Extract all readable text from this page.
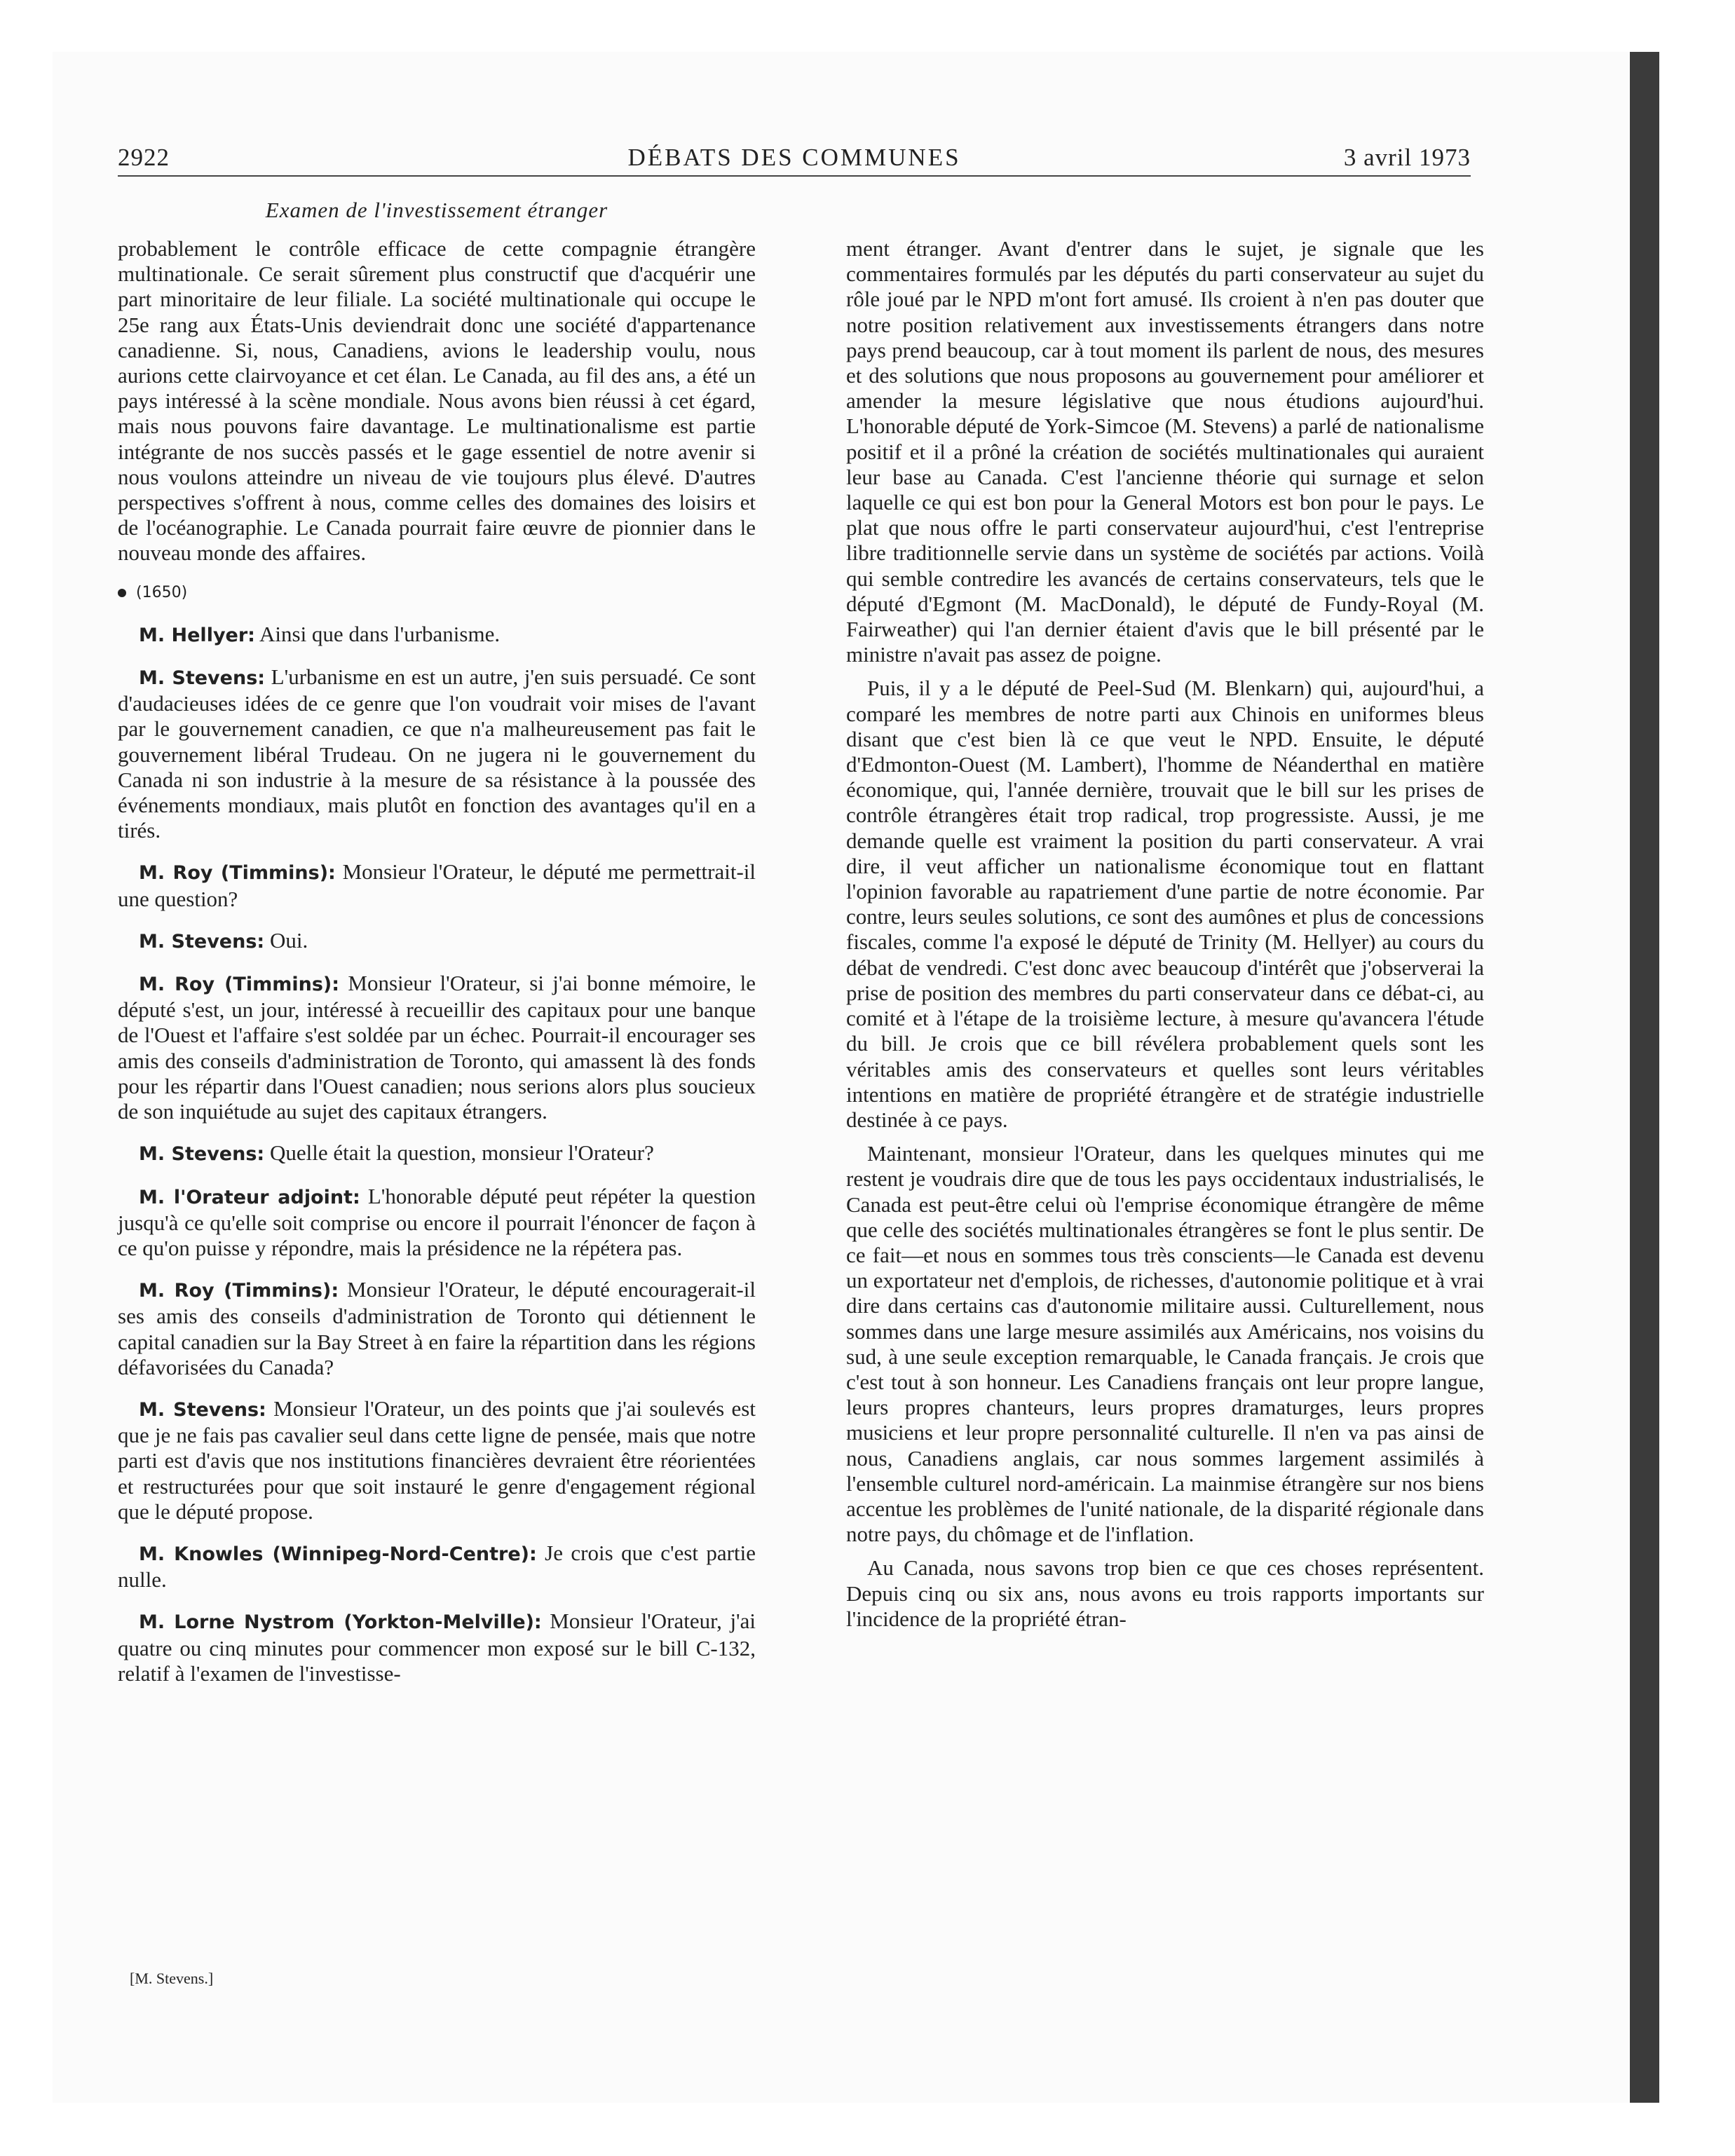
2922	DÉBATS DES COMMUNES	3 avril 1973
Examen de l'investissement étranger

probablement le contrôle efficace de cette compagnie étrangère multinationale. Ce serait sûrement plus constructif que d'acquérir une part minoritaire de leur filiale. La société multinationale qui occupe le 25e rang aux États-Unis deviendrait donc une société d'appartenance canadienne. Si, nous, Canadiens, avions le leadership voulu, nous aurions cette clairvoyance et cet élan. Le Canada, au fil des ans, a été un pays intéressé à la scène mondiale. Nous avons bien réussi à cet égard, mais nous pouvons faire davantage. Le multinationalisme est partie intégrante de nos succès passés et le gage essentiel de notre avenir si nous voulons atteindre un niveau de vie toujours plus élevé. D'autres perspectives s'offrent à nous, comme celles des domaines des loisirs et de l'océanographie. Le Canada pourrait faire œuvre de pionnier dans le nouveau monde des affaires.

(1650)

M. Hellyer: Ainsi que dans l'urbanisme.

M. Stevens: L'urbanisme en est un autre, j'en suis persuadé. Ce sont d'audacieuses idées de ce genre que l'on voudrait voir mises de l'avant par le gouvernement canadien, ce que n'a malheureusement pas fait le gouvernement libéral Trudeau. On ne jugera ni le gouvernement du Canada ni son industrie à la mesure de sa résistance à la poussée des événements mondiaux, mais plutôt en fonction des avantages qu'il en a tirés.

M. Roy (Timmins): Monsieur l'Orateur, le député me permettrait-il une question?

M. Stevens: Oui.

M. Roy (Timmins): Monsieur l'Orateur, si j'ai bonne mémoire, le député s'est, un jour, intéressé à recueillir des capitaux pour une banque de l'Ouest et l'affaire s'est soldée par un échec. Pourrait-il encourager ses amis des conseils d'administration de Toronto, qui amassent là des fonds pour les répartir dans l'Ouest canadien; nous serions alors plus soucieux de son inquiétude au sujet des capitaux étrangers.

M. Stevens: Quelle était la question, monsieur l'Orateur?

M. l'Orateur adjoint: L'honorable député peut répéter la question jusqu'à ce qu'elle soit comprise ou encore il pourrait l'énoncer de façon à ce qu'on puisse y répondre, mais la présidence ne la répétera pas.

M. Roy (Timmins): Monsieur l'Orateur, le député encouragerait-il ses amis des conseils d'administration de Toronto qui détiennent le capital canadien sur la Bay Street à en faire la répartition dans les régions défavorisées du Canada?

M. Stevens: Monsieur l'Orateur, un des points que j'ai soulevés est que je ne fais pas cavalier seul dans cette ligne de pensée, mais que notre parti est d'avis que nos institutions financières devraient être réorientées et restructurées pour que soit instauré le genre d'engagement régional que le député propose.

M. Knowles (Winnipeg-Nord-Centre): Je crois que c'est partie nulle.

M. Lorne Nystrom (Yorkton-Melville): Monsieur l'Orateur, j'ai quatre ou cinq minutes pour commencer mon exposé sur le bill C-132, relatif à l'examen de l'investisse-

ment étranger. Avant d'entrer dans le sujet, je signale que les commentaires formulés par les députés du parti conservateur au sujet du rôle joué par le NPD m'ont fort amusé. Ils croient à n'en pas douter que notre position relativement aux investissements étrangers dans notre pays prend beaucoup, car à tout moment ils parlent de nous, des mesures et des solutions que nous proposons au gouvernement pour améliorer et amender la mesure législative que nous étudions aujourd'hui. L'honorable député de York-Simcoe (M. Stevens) a parlé de nationalisme positif et il a prôné la création de sociétés multinationales qui auraient leur base au Canada. C'est l'ancienne théorie qui surnage et selon laquelle ce qui est bon pour la General Motors est bon pour le pays. Le plat que nous offre le parti conservateur aujourd'hui, c'est l'entreprise libre traditionnelle servie dans un système de sociétés par actions. Voilà qui semble contredire les avancés de certains conservateurs, tels que le député d'Egmont (M. MacDonald), le député de Fundy-Royal (M. Fairweather) qui l'an dernier étaient d'avis que le bill présenté par le ministre n'avait pas assez de poigne.

Puis, il y a le député de Peel-Sud (M. Blenkarn) qui, aujourd'hui, a comparé les membres de notre parti aux Chinois en uniformes bleus disant que c'est bien là ce que veut le NPD. Ensuite, le député d'Edmonton-Ouest (M. Lambert), l'homme de Néanderthal en matière économique, qui, l'année dernière, trouvait que le bill sur les prises de contrôle étrangères était trop radical, trop progressiste. Aussi, je me demande quelle est vraiment la position du parti conservateur. A vrai dire, il veut afficher un nationalisme économique tout en flattant l'opinion favorable au rapatriement d'une partie de notre économie. Par contre, leurs seules solutions, ce sont des aumônes et plus de concessions fiscales, comme l'a exposé le député de Trinity (M. Hellyer) au cours du débat de vendredi. C'est donc avec beaucoup d'intérêt que j'observerai la prise de position des membres du parti conservateur dans ce débat-ci, au comité et à l'étape de la troisième lecture, à mesure qu'avancera l'étude du bill. Je crois que ce bill révélera probablement quels sont les véritables amis des conservateurs et quelles sont leurs véritables intentions en matière de propriété étrangère et de stratégie industrielle destinée à ce pays.

Maintenant, monsieur l'Orateur, dans les quelques minutes qui me restent je voudrais dire que de tous les pays occidentaux industrialisés, le Canada est peut-être celui où l'emprise économique étrangère de même que celle des sociétés multinationales étrangères se font le plus sentir. De ce fait—et nous en sommes tous très conscients—le Canada est devenu un exportateur net d'emplois, de richesses, d'autonomie politique et à vrai dire dans certains cas d'autonomie militaire aussi. Culturellement, nous sommes dans une large mesure assimilés aux Américains, nos voisins du sud, à une seule exception remarquable, le Canada français. Je crois que c'est tout à son honneur. Les Canadiens français ont leur propre langue, leurs propres chanteurs, leurs propres dramaturges, leurs propres musiciens et leur propre personnalité culturelle. Il n'en va pas ainsi de nous, Canadiens anglais, car nous sommes largement assimilés à l'ensemble culturel nord-américain. La mainmise étrangère sur nos biens accentue les problèmes de l'unité nationale, de la disparité régionale dans notre pays, du chômage et de l'inflation.

Au Canada, nous savons trop bien ce que ces choses représentent. Depuis cinq ou six ans, nous avons eu trois rapports importants sur l'incidence de la propriété étran-

[M. Stevens.]
